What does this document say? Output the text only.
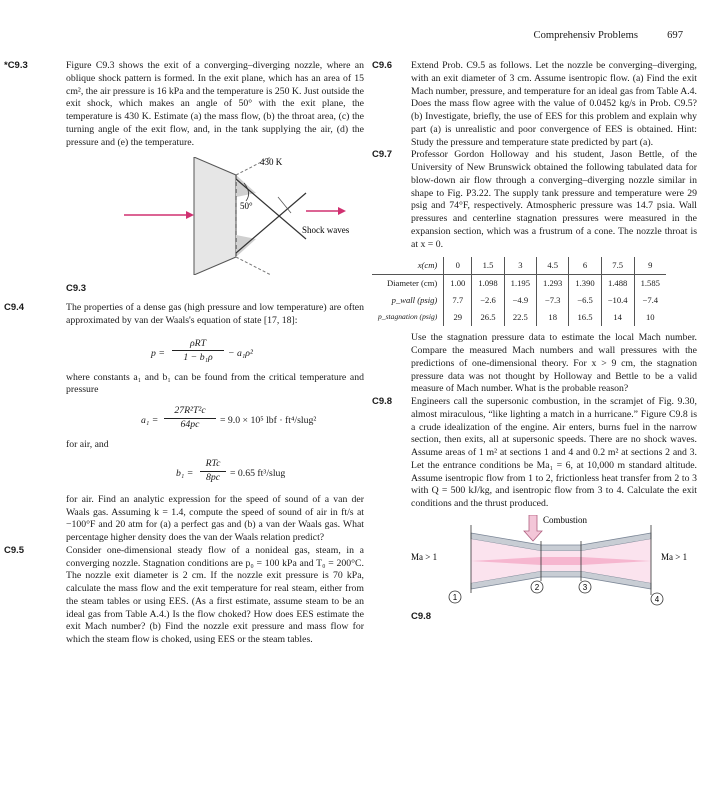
Comprehensiv Problems	697
*C9.3	Figure C9.3 shows the exit of a converging–diverging nozzle, where an oblique shock pattern is formed. In the exit plane, which has an area of 15 cm², the air pressure is 16 kPa and the temperature is 250 K. Just outside the exit shock, which makes an angle of 50° with the exit plane, the temperature is 430 K. Estimate (a) the mass flow, (b) the throat area, (c) the turning angle of the exit flow, and, in the tank supplying the air, (d) the pressure and (e) the temperature.

430 K
50°
Shock waves
C9.3
C9.4	The properties of a dense gas (high pressure and low temperature) are often approximated by van der Waals's equation of state [17, 18]:

p =
ρRT
1 − b₁ρ	− a₁ρ²

where constants a₁ and b₁ can be found from the critical temperature and pressure

a₁ =
27R²T²c
64pc	= 9.0 × 10⁵ lbf · ft⁴/slug²

for air, and

b₁ =
RTc
8pc	= 0.65 ft³/slug

for air. Find an analytic expression for the speed of sound of a van der Waals gas. Assuming k = 1.4, compute the speed of sound of air in ft/s at −100°F and 20 atm for (a) a perfect gas and (b) a van der Waals gas. What percentage higher density does the van der Waals relation predict?

C9.5	Consider one-dimensional steady flow of a nonideal gas, steam, in a converging nozzle. Stagnation conditions are p₀ = 100 kPa and T₀ = 200°C. The nozzle exit diameter is 2 cm. If the nozzle exit pressure is 70 kPa, calculate the mass flow and the exit temperature for real steam, either from the steam tables or using EES. (As a first estimate, assume steam to be an ideal gas from Table A.4.) Is the flow choked? How does EES estimate the exit Mach number? (b) Find the nozzle exit pressure and mass flow for which the steam flow is choked, using EES or the steam tables.

C9.6 Extend Prob. C9.5 as follows. Let the nozzle be converging–diverging, with an exit diameter of 3 cm. Assume isentropic flow. (a) Find the exit Mach number, pressure, and temperature for an ideal gas from Table A.4. Does the mass flow agree with the value of 0.0452 kg/s in Prob. C9.5? (b) Investigate, briefly, the use of EES for this problem and explain why part (a) is unrealistic and poor convergence of EES is obtained. Hint: Study the pressure and temperature state predicted by part (a).

C9.7 Professor Gordon Holloway and his student, Jason Bettle, of the University of New Brunswick obtained the following tabulated data for blow-down air flow through a converging–diverging nozzle similar in shape to Fig. P3.22. The supply tank pressure and temperature were 29 psig and 74°F, respectively. Atmospheric pressure was 14.7 psia. Wall pressures and centerline stagnation pressures were measured in the expansion section, which was a frustrum of a cone. The nozzle throat is at x = 0.

x(cm)	0	1.5	3	4.5	6	7.5	9
Diameter (cm)	1.00	1.098	1.195	1.293	1.390	1.488	1.585
p_wall (psig)	7.7	−2.6	−4.9	−7.3	−6.5	−10.4	−7.4
p_stagnation (psig)	29	26.5	22.5	18	16.5	14	10

Use the stagnation pressure data to estimate the local Mach number. Compare the measured Mach numbers and wall pressures with the predictions of one-dimensional theory. For x > 9 cm, the stagnation pressure data was not thought by Holloway and Bettle to be a valid measure of Mach number. What is the probable reason?

C9.8 Engineers call the supersonic combustion, in the scramjet of Fig. 9.30, almost miraculous, “like lighting a match in a hurricane.” Figure C9.8 is a crude idealization of the engine. Air enters, burns fuel in the narrow section, then exits, all at supersonic speeds. There are no shock waves. Assume areas of 1 m² at sections 1 and 4 and 0.2 m² at sections 2 and 3. Let the entrance conditions be Ma₁ = 6, at 10,000 m standard altitude. Assume isentropic flow from 1 to 2, frictionless heat transfer from 2 to 3 with Q = 500 kJ/kg, and isentropic flow from 3 to 4. Calculate the exit conditions and the thrust produced.

Combustion
Ma > 1	Ma > 1
1
2	3
4
C9.8
